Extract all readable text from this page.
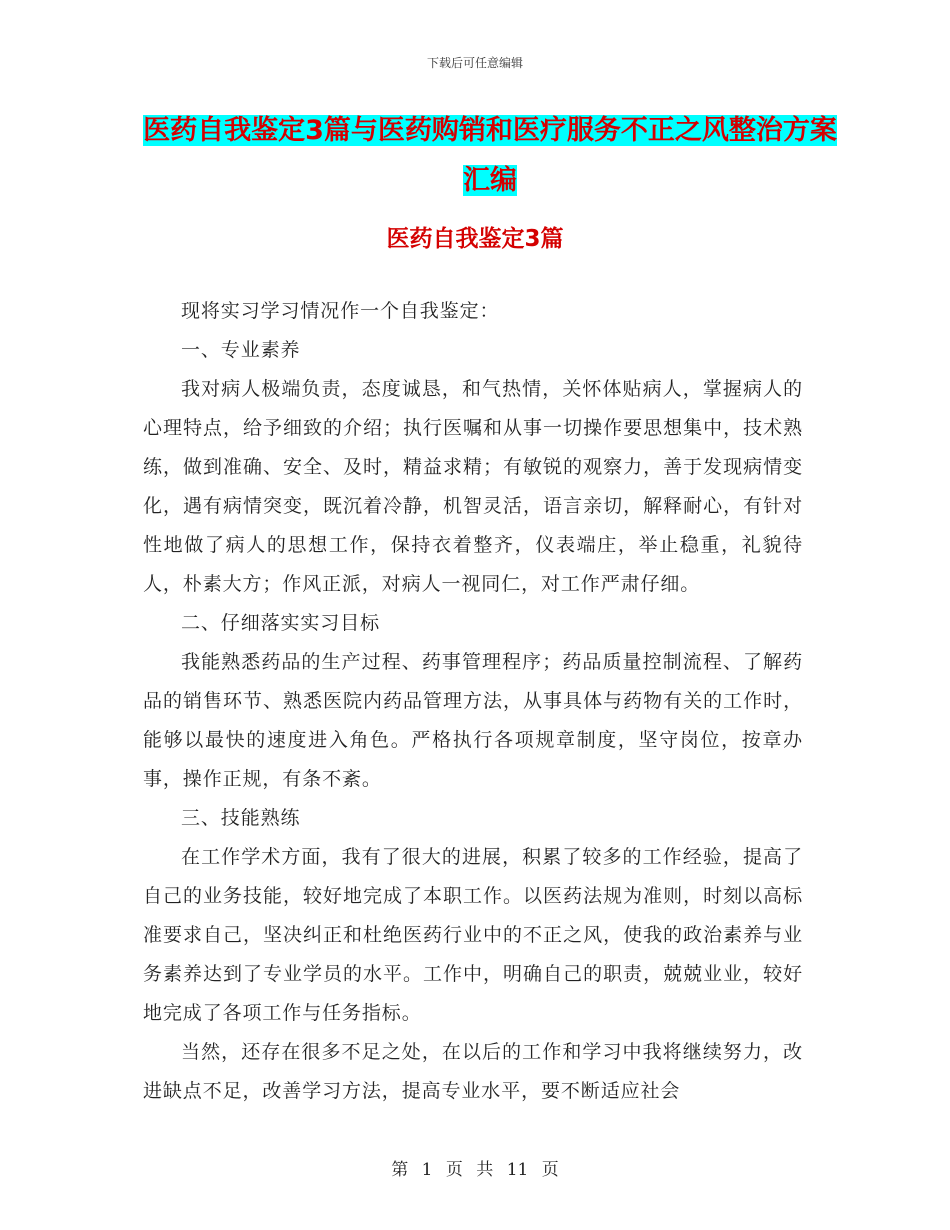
下载后可任意编辑
医药自我鉴定3篇与医药购销和医疗服务不正之风整治方案汇编
医药自我鉴定3篇

现将实习学习情况作一个自我鉴定：

一、专业素养

我对病人极端负责，态度诚恳，和气热情，关怀体贴病人，掌握病人的心理特点，给予细致的介绍；执行医嘱和从事一切操作要思想集中，技术熟练，做到准确、安全、及时，精益求精；有敏锐的观察力，善于发现病情变化，遇有病情突变，既沉着冷静，机智灵活，语言亲切，解释耐心，有针对性地做了病人的思想工作，保持衣着整齐，仪表端庄，举止稳重，礼貌待人，朴素大方；作风正派，对病人一视同仁，对工作严肃仔细。

二、仔细落实实习目标

我能熟悉药品的生产过程、药事管理程序；药品质量控制流程、了解药品的销售环节、熟悉医院内药品管理方法，从事具体与药物有关的工作时，能够以最快的速度进入角色。严格执行各项规章制度，坚守岗位，按章办事，操作正规，有条不紊。

三、技能熟练

在工作学术方面，我有了很大的进展，积累了较多的工作经验，提高了自己的业务技能，较好地完成了本职工作。以医药法规为准则，时刻以高标准要求自己，坚决纠正和杜绝医药行业中的不正之风，使我的政治素养与业务素养达到了专业学员的水平。工作中，明确自己的职责，兢兢业业，较好地完成了各项工作与任务指标。

当然，还存在很多不足之处，在以后的工作和学习中我将继续努力，改进缺点不足，改善学习方法，提高专业水平，要不断适应社会

第 1 页 共 11 页
